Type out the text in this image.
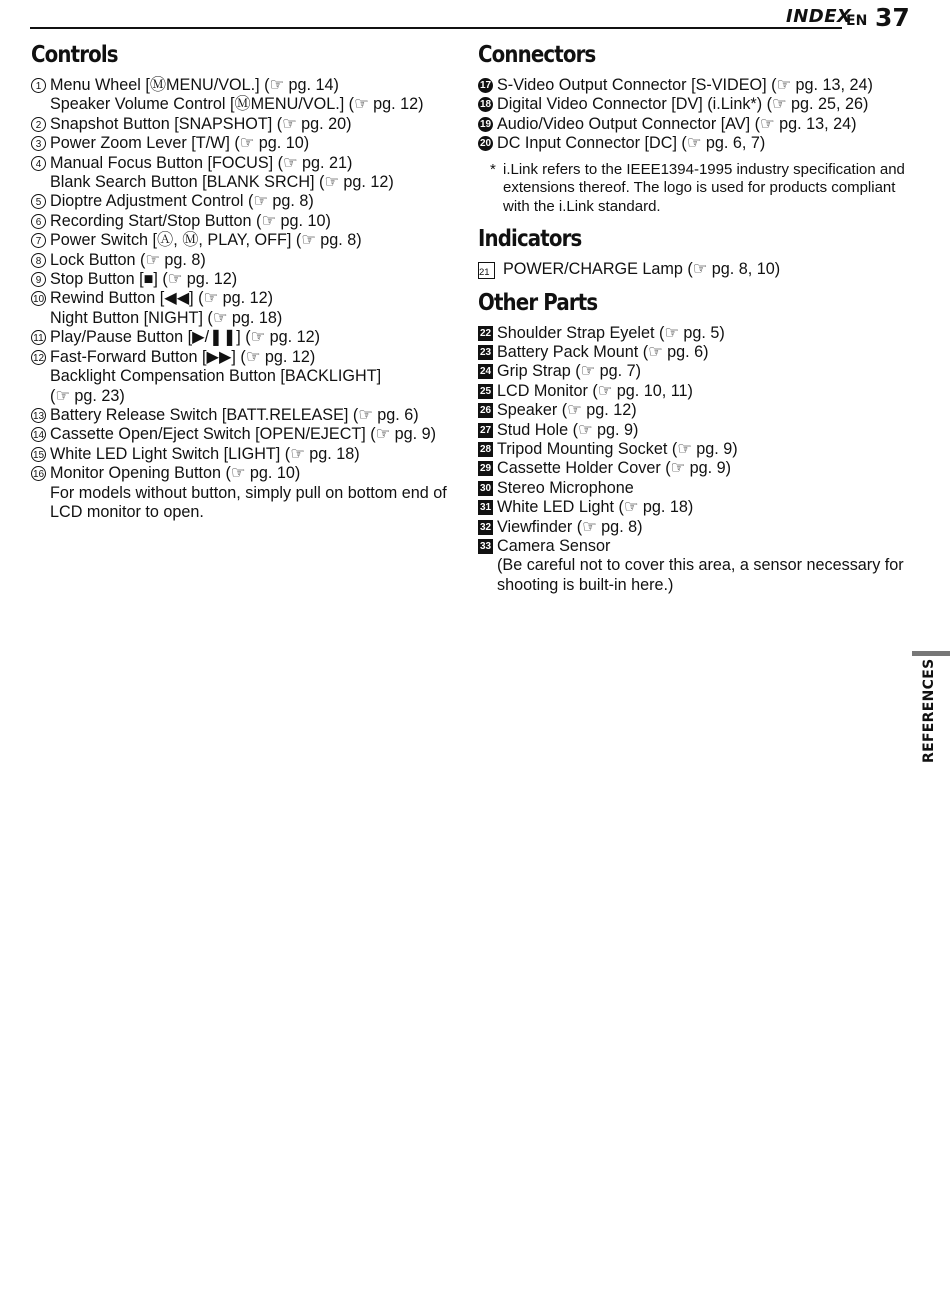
INDEX
EN 37
Controls
1 Menu Wheel [ⓂMENU/VOL.] (☞ pg. 14)
Speaker Volume Control [ⓂMENU/VOL.] (☞ pg. 12)
2 Snapshot Button [SNAPSHOT] (☞ pg. 20)
3 Power Zoom Lever [T/W] (☞ pg. 10)
4 Manual Focus Button [FOCUS] (☞ pg. 21)
Blank Search Button [BLANK SRCH] (☞ pg. 12)
5 Dioptre Adjustment Control (☞ pg. 8)
6 Recording Start/Stop Button (☞ pg. 10)
7 Power Switch [Ⓐ, Ⓜ, PLAY, OFF] (☞ pg. 8)
8 Lock Button (☞ pg. 8)
9 Stop Button [■] (☞ pg. 12)
10 Rewind Button [◀◀] (☞ pg. 12)
Night Button [NIGHT] (☞ pg. 18)
11 Play/Pause Button [▶/❚❚] (☞ pg. 12)
12 Fast-Forward Button [▶▶] (☞ pg. 12)
Backlight Compensation Button [BACKLIGHT]
(☞ pg. 23)
13 Battery Release Switch [BATT.RELEASE] (☞ pg. 6)
14 Cassette Open/Eject Switch [OPEN/EJECT] (☞ pg. 9)
15 White LED Light Switch [LIGHT] (☞ pg. 18)
16 Monitor Opening Button (☞ pg. 10)
For models without button, simply pull on bottom end of LCD monitor to open.
Connectors
17 S-Video Output Connector [S-VIDEO] (☞ pg. 13, 24)
18 Digital Video Connector [DV] (i.Link*) (☞ pg. 25, 26)
19 Audio/Video Output Connector [AV] (☞ pg. 13, 24)
20 DC Input Connector [DC] (☞ pg. 6, 7)
* i.Link refers to the IEEE1394-1995 industry specification and extensions thereof. The logo is used for products compliant with the i.Link standard.
Indicators
21 POWER/CHARGE Lamp (☞ pg. 8, 10)
Other Parts
22 Shoulder Strap Eyelet (☞ pg. 5)
23 Battery Pack Mount (☞ pg. 6)
24 Grip Strap (☞ pg. 7)
25 LCD Monitor (☞ pg. 10, 11)
26 Speaker (☞ pg. 12)
27 Stud Hole (☞ pg. 9)
28 Tripod Mounting Socket (☞ pg. 9)
29 Cassette Holder Cover (☞ pg. 9)
30 Stereo Microphone
31 White LED Light (☞ pg. 18)
32 Viewfinder (☞ pg. 8)
33 Camera Sensor
(Be careful not to cover this area, a sensor necessary for shooting is built-in here.)
REFERENCES
